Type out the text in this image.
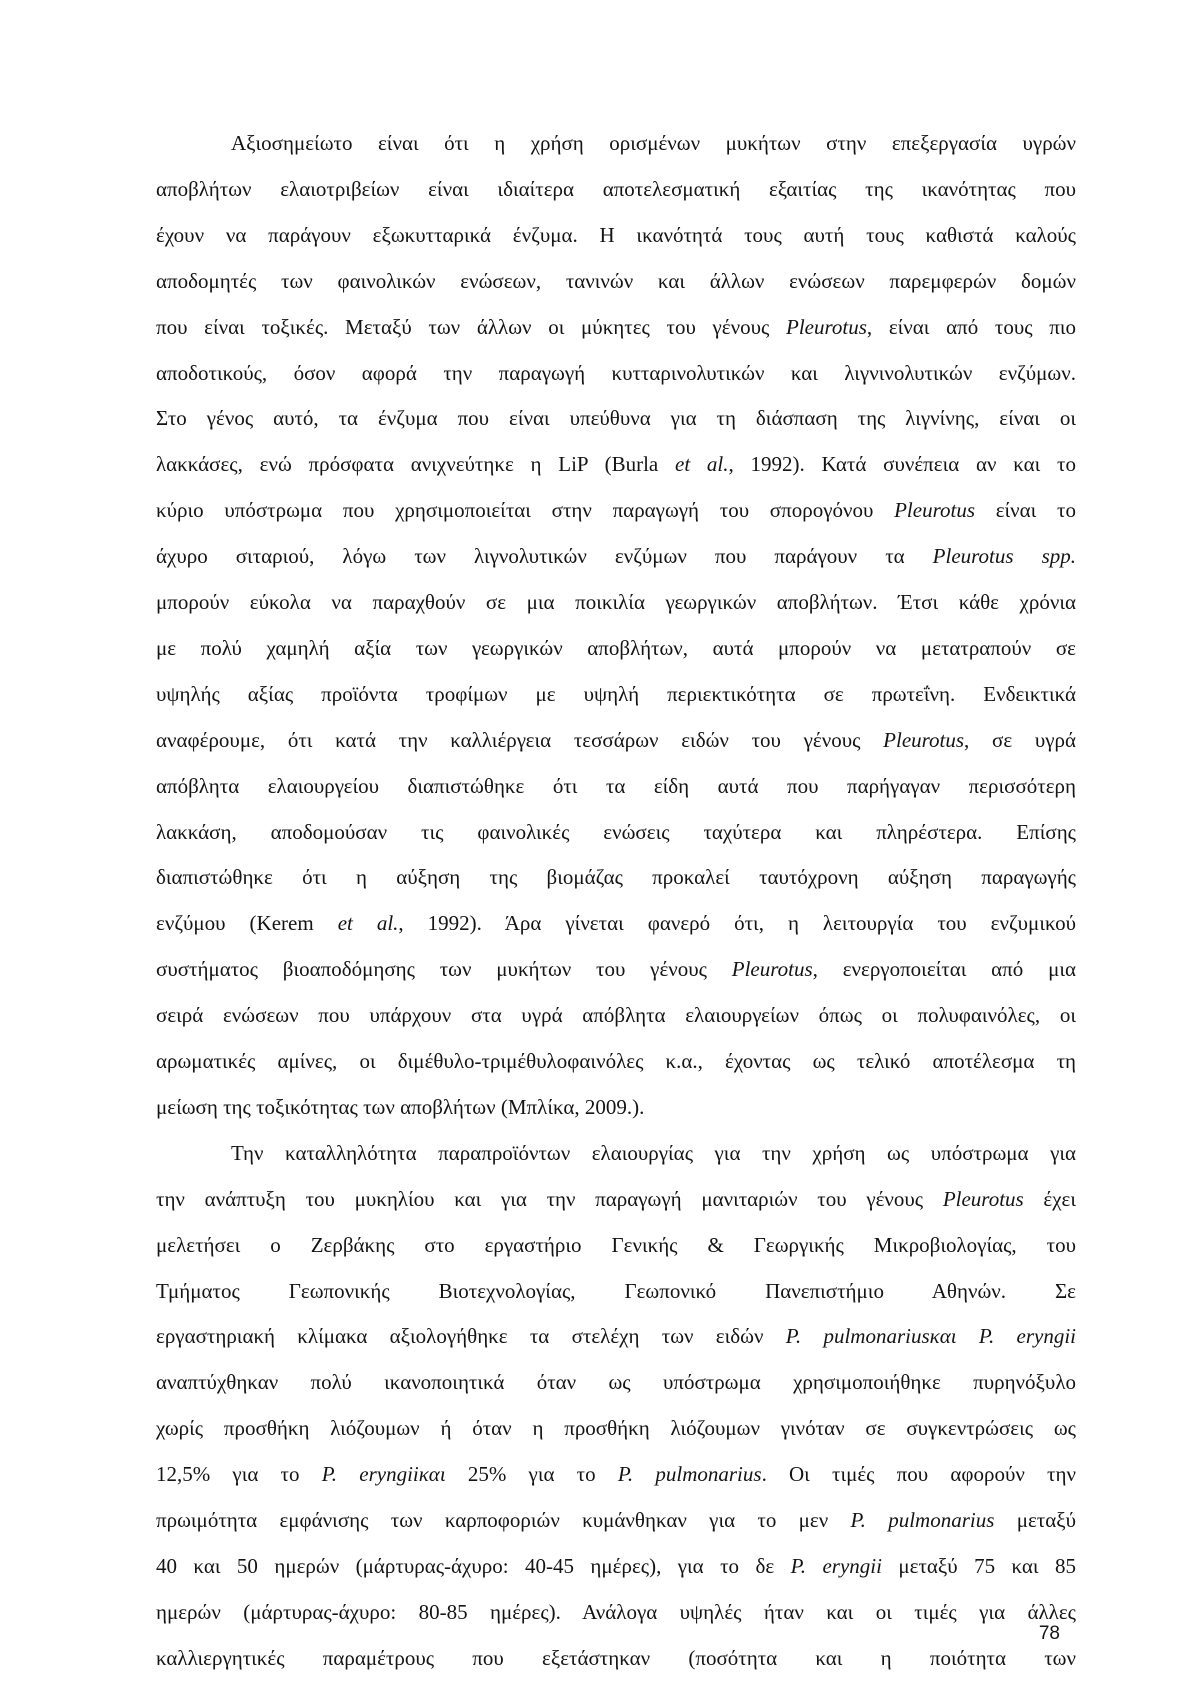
Αξιοσημείωτο είναι ότι η χρήση ορισμένων μυκήτων στην επεξεργασία υγρών
αποβλήτων ελαιοτριβείων είναι ιδιαίτερα αποτελεσματική εξαιτίας της ικανότητας που
έχουν να παράγουν εξωκυτταρικά ένζυμα. Η ικανότητά τους αυτή τους καθιστά καλούς
αποδομητές των φαινολικών ενώσεων, τανινών και άλλων ενώσεων παρεμφερών δομών
που είναι τοξικές. Μεταξύ των άλλων οι μύκητες του γένους Pleurotus, είναι από τους πιο
αποδοτικούς, όσον αφορά την παραγωγή κυτταρινολυτικών και λιγνινολυτικών ενζύμων.
Στο γένος αυτό, τα ένζυμα που είναι υπεύθυνα για τη διάσπαση της λιγνίνης, είναι οι
λακκάσες, ενώ πρόσφατα ανιχνεύτηκε η LiP (Burla et al., 1992). Κατά συνέπεια αν και το
κύριο υπόστρωμα που χρησιμοποιείται στην παραγωγή του σπορογόνου Pleurotus είναι το
άχυρο σιταριού, λόγω των λιγνολυτικών ενζύμων που παράγουν τα Pleurotus spp.
μπορούν εύκολα να παραχθούν σε μια ποικιλία γεωργικών αποβλήτων. Έτσι κάθε χρόνια
με πολύ χαμηλή αξία των γεωργικών αποβλήτων, αυτά μπορούν να μετατραπούν σε
υψηλής αξίας προϊόντα τροφίμων με υψηλή περιεκτικότητα σε πρωτεΐνη. Ενδεικτικά
αναφέρουμε, ότι κατά την καλλιέργεια τεσσάρων ειδών του γένους Pleurotus, σε υγρά
απόβλητα ελαιουργείου διαπιστώθηκε ότι τα είδη αυτά που παρήγαγαν περισσότερη
λακκάση, αποδομούσαν τις φαινολικές ενώσεις ταχύτερα και πληρέστερα. Επίσης
διαπιστώθηκε ότι η αύξηση της βιομάζας προκαλεί ταυτόχρονη αύξηση παραγωγής
ενζύμου (Kerem et al., 1992). Άρα γίνεται φανερό ότι, η λειτουργία του ενζυμικού
συστήματος βιοαποδόμησης των μυκήτων του γένους Pleurotus, ενεργοποιείται από μια
σειρά ενώσεων που υπάρχουν στα υγρά απόβλητα ελαιουργείων όπως οι πολυφαινόλες, οι
αρωματικές αμίνες, οι διμέθυλο-τριμέθυλοφαινόλες κ.α., έχοντας ως τελικό αποτέλεσμα τη
μείωση της τοξικότητας των αποβλήτων (Μπλίκα, 2009.).
Την καταλληλότητα παραπροϊόντων ελαιουργίας για την χρήση ως υπόστρωμα για
την ανάπτυξη του μυκηλίου και για την παραγωγή μανιταριών του γένους Pleurotus έχει
μελετήσει ο Ζερβάκης στο εργαστήριο Γενικής & Γεωργικής Μικροβιολογίας, του
Τμήματος Γεωπονικής Βιοτεχνολογίας, Γεωπονικό Πανεπιστήμιο Αθηνών. Σε
εργαστηριακή κλίμακα αξιολογήθηκε τα στελέχη των ειδών P. pulmonariusκαι P. eryngii
αναπτύχθηκαν πολύ ικανοποιητικά όταν ως υπόστρωμα χρησιμοποιήθηκε πυρηνόξυλο
χωρίς προσθήκη λιόζουμων ή όταν η προσθήκη λιόζουμων γινόταν σε συγκεντρώσεις ως
12,5% για το P. eryngiiκαι 25% για το P. pulmonarius. Οι τιμές που αφορούν την
πρωιμότητα εμφάνισης των καρποφοριών κυμάνθηκαν για το μεν P. pulmonarius μεταξύ
40 και 50 ημερών (μάρτυρας-άχυρο: 40-45 ημέρες), για το δε P. eryngii μεταξύ 75 και 85
ημερών (μάρτυρας-άχυρο: 80-85 ημέρες). Ανάλογα υψηλές ήταν και οι τιμές για άλλες
καλλιεργητικές παραμέτρους που εξετάστηκαν (ποσότητα και η ποιότητα των
78
